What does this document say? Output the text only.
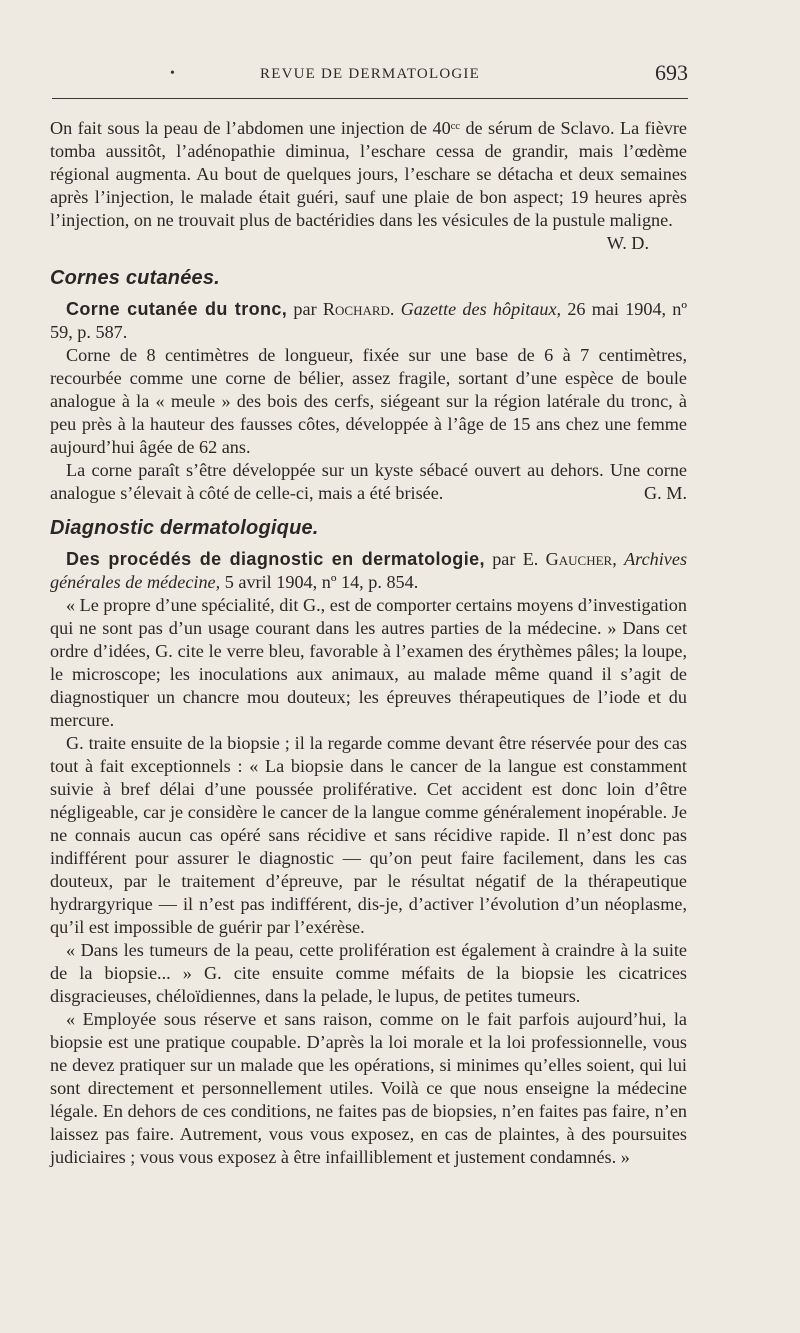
•	REVUE DE DERMATOLOGIE	693

On fait sous la peau de l’abdomen une injection de 40ᶜᶜ de sérum de Sclavo. La fièvre tomba aussitôt, l’adénopathie diminua, l’eschare cessa de grandir, mais l’œdème régional augmenta. Au bout de quelques jours, l’eschare se détacha et deux semaines après l’injection, le malade était guéri, sauf une plaie de bon aspect; 19 heures après l’injection, on ne trouvait plus de bactéridies dans les vésicules de la pustule maligne.
W. D.

Cornes cutanées.

Corne cutanée du tronc, par Rochard. Gazette des hôpitaux, 26 mai 1904, nº 59, p. 587.

Corne de 8 centimètres de longueur, fixée sur une base de 6 à 7 centimètres, recourbée comme une corne de bélier, assez fragile, sortant d’une espèce de boule analogue à la « meule » des bois des cerfs, siégeant sur la région latérale du tronc, à peu près à la hauteur des fausses côtes, développée à l’âge de 15 ans chez une femme aujourd’hui âgée de 62 ans.

La corne paraît s’être développée sur un kyste sébacé ouvert au dehors. Une corne analogue s’élevait à côté de celle-ci, mais a été brisée.	G. M.

Diagnostic dermatologique.

Des procédés de diagnostic en dermatologie, par E. Gaucher, Archives générales de médecine, 5 avril 1904, nº 14, p. 854.

« Le propre d’une spécialité, dit G., est de comporter certains moyens d’investigation qui ne sont pas d’un usage courant dans les autres parties de la médecine. » Dans cet ordre d’idées, G. cite le verre bleu, favorable à l’examen des érythèmes pâles; la loupe, le microscope; les inoculations aux animaux, au malade même quand il s’agit de diagnostiquer un chancre mou douteux; les épreuves thérapeutiques de l’iode et du mercure.

G. traite ensuite de la biopsie ; il la regarde comme devant être réservée pour des cas tout à fait exceptionnels : « La biopsie dans le cancer de la langue est constamment suivie à bref délai d’une poussée proliférative. Cet accident est donc loin d’être négligeable, car je considère le cancer de la langue comme généralement inopérable. Je ne connais aucun cas opéré sans récidive et sans récidive rapide. Il n’est donc pas indifférent pour assurer le diagnostic — qu’on peut faire facilement, dans les cas douteux, par le traitement d’épreuve, par le résultat négatif de la thérapeutique hydrargyrique — il n’est pas indifférent, dis-je, d’activer l’évolution d’un néoplasme, qu’il est impossible de guérir par l’exérèse.

« Dans les tumeurs de la peau, cette prolifération est également à craindre à la suite de la biopsie... » G. cite ensuite comme méfaits de la biopsie les cicatrices disgracieuses, chéloïdiennes, dans la pelade, le lupus, de petites tumeurs.

« Employée sous réserve et sans raison, comme on le fait parfois aujourd’hui, la biopsie est une pratique coupable. D’après la loi morale et la loi professionnelle, vous ne devez pratiquer sur un malade que les opérations, si minimes qu’elles soient, qui lui sont directement et personnellement utiles. Voilà ce que nous enseigne la médecine légale. En dehors de ces conditions, ne faites pas de biopsies, n’en faites pas faire, n’en laissez pas faire. Autrement, vous vous exposez, en cas de plaintes, à des poursuites judiciaires ; vous vous exposez à être infailliblement et justement condamnés. »
